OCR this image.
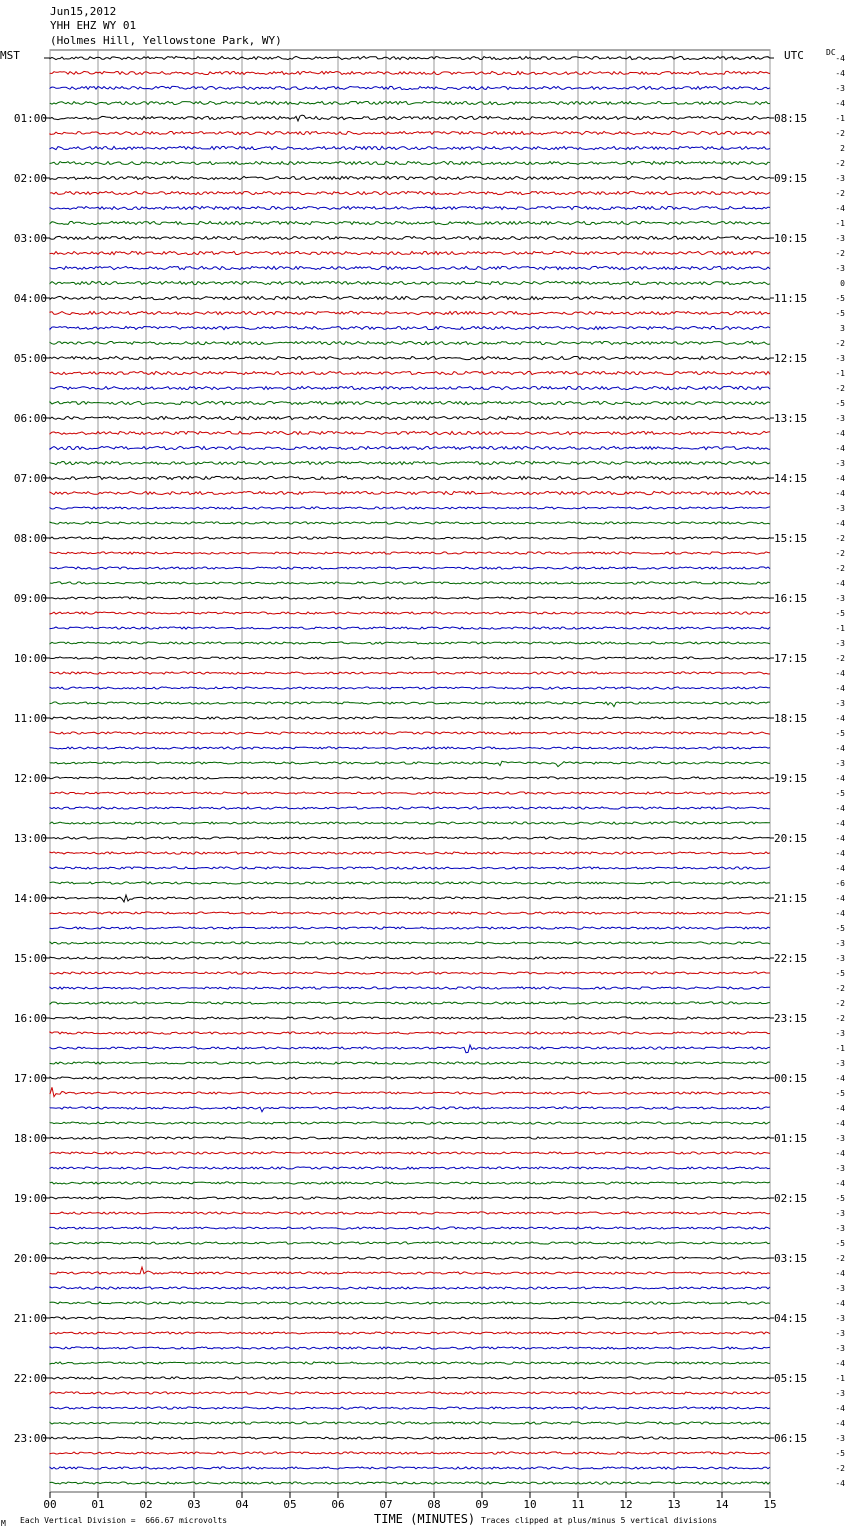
Jun15,2012
YHH EHZ WY 01
(Holmes Hill, Yellowstone Park, WY)
MST	UTC	DC
00	01	02	03	04	05	06	07	08	09	10	11	12	13	14	15
-4
-4
-3
-4
-1
-2
2
-2
-3
-2
-4
-1
-3
-2
-3
0
-5
-5
3
-2
-3
-1
-2
-5
-3
-4
-4
-3
-4
-4
-3
-4
-2
-2
-2
-4
-3
-5
-1
-3
-2
-4
-4
-3
-4
-5
-4
-3
-4
-5
-4
-4
-4
-4
-4
-6
-4
-4
-5
-3
-3
-5
-2
-2
-2
-3
-1
-3
-4
-5
-4
-4
-3
-4
-3
-4
-5
-3
-3
-5
-2
-4
-3
-4
-3
-3
-3
-4
-1
-3
-4
-4
-3
-5
-2
-4
01:00	08:15
02:00	09:15
03:00	10:15
04:00	11:15
05:00	12:15
06:00	13:15
07:00	14:15
08:00	15:15
09:00	16:15
10:00	17:15
11:00	18:15
12:00	19:15
13:00	20:15
14:00	21:15
15:00	22:15
16:00	23:15
17:00	00:15
18:00	01:15
19:00	02:15
20:00	03:15
21:00	04:15
22:00	05:15
23:00	06:15
TIME (MINUTES)
M Each Vertical Division =  666.67 microvolts	Traces clipped at plus/minus 5 vertical divisions
